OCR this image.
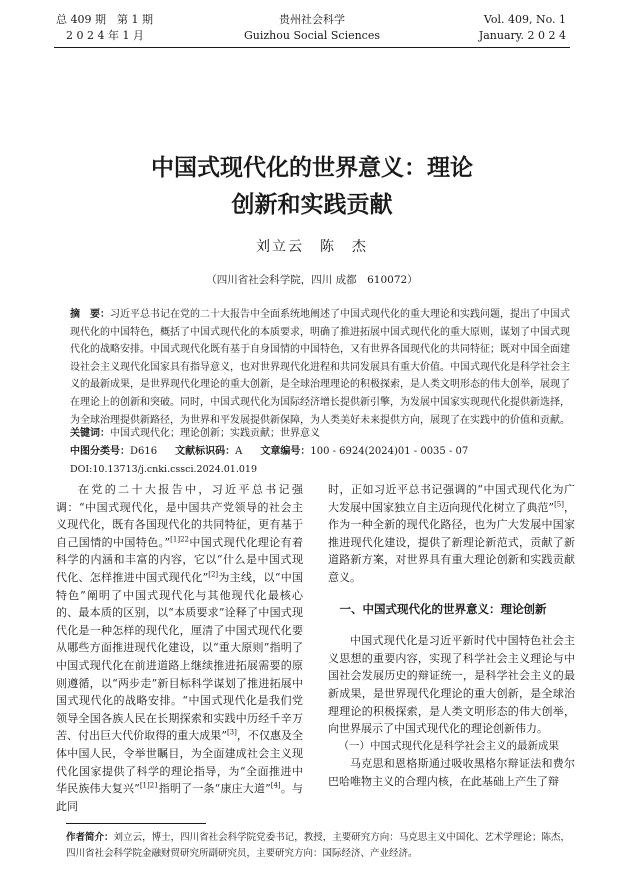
总 409 期　第 1 期
2 0 2 4 年 1 月
贵州社会科学
Guizhou Social Sciences
Vol. 409, No. 1
January. 2 0 2 4
中国式现代化的世界意义：理论
创新和实践贡献
刘立云　陈　杰
（四川省社会科学院，四川 成都　610072）
摘　要：习近平总书记在党的二十大报告中全面系统地阐述了中国式现代化的重大理论和实践问题，提出了中国式现代化的中国特色，概括了中国式现代化的本质要求，明确了推进拓展中国式现代化的重大原则，谋划了中国式现代化的战略安排。中国式现代化既有基于自身国情的中国特色，又有世界各国现代化的共同特征；既对中国全面建设社会主义现代化国家具有指导意义，也对世界现代化进程和共同发展具有重大价值。中国式现代化是科学社会主义的最新成果，是世界现代化理论的重大创新，是全球治理理论的积极探索，是人类文明形态的伟大创举，展现了在理论上的创新和突破。同时，中国式现代化为国际经济增长提供新引擎，为发展中国家实现现代化提供新选择，为全球治理提供新路径，为世界和平发展提供新保障，为人类美好未来提供方向，展现了在实践中的价值和贡献。
关键词：中国式现代化；理论创新；实践贡献；世界意义
中图分类号：D616 文献标识码：A 文章编号：100 - 6924(2024)01 - 0035 - 07
DOI:10.13713/j.cnki.cssci.2024.01.019

在党的二十大报告中，习近平总书记强调：“中国式现代化，是中国共产党领导的社会主义现代化，既有各国现代化的共同特征，更有基于自己国情的中国特色。”$^{[1]22}$中国式现代化理论有着科学的内涵和丰富的内容，它以“什么是中国式现代化、怎样推进中国式现代化”[2]为主线，以“中国特色”阐明了中国式现代化与其他现代化最核心的、最本质的区别，以“本质要求”诠释了中国式现代化是一种怎样的现代化，厘清了中国式现代化要从哪些方面推进现代化建设，以“重大原则”指明了中国式现代化在前进道路上继续推进拓展需要的原则遵循，以“两步走”新目标科学谋划了推进拓展中国式现代化的战略安排。“中国式现代化是我们党领导全国各族人民在长期探索和实践中历经千辛万苦、付出巨大代价取得的重大成果”[3]，不仅惠及全体中国人民，令举世瞩目，为全面建成社会主义现代化国家提供了科学的理论指导，为“全面推进中华民族伟大复兴”$^{[1]21}$指明了一条“康庄大道”[4]。与此同

时，正如习近平总书记强调的“中国式现代化为广大发展中国家独立自主迈向现代化树立了典范”[5]，作为一种全新的现代化路径，也为广大发展中国家推进现代化建设，提供了新理论新范式，贡献了新道路新方案，对世界具有重大理论创新和实践贡献意义。

一、中国式现代化的世界意义：理论创新

中国式现代化是习近平新时代中国特色社会主义思想的重要内容，实现了科学社会主义理论与中国社会发展历史的辩证统一，是科学社会主义的最新成果，是世界现代化理论的重大创新，是全球治理理论的积极探索，是人类文明形态的伟大创举，向世界展示了中国式现代化的理论创新伟力。

（一）中国式现代化是科学社会主义的最新成果

马克思和恩格斯通过吸收黑格尔辩证法和费尔巴哈唯物主义的合理内核，在此基础上产生了辩

作者简介：刘立云，博士，四川省社会科学院党委书记，教授，主要研究方向：马克思主义中国化、艺术学理论；陈杰，四川省社会科学院金融财贸研究所副研究员，主要研究方向：国际经济、产业经济。
